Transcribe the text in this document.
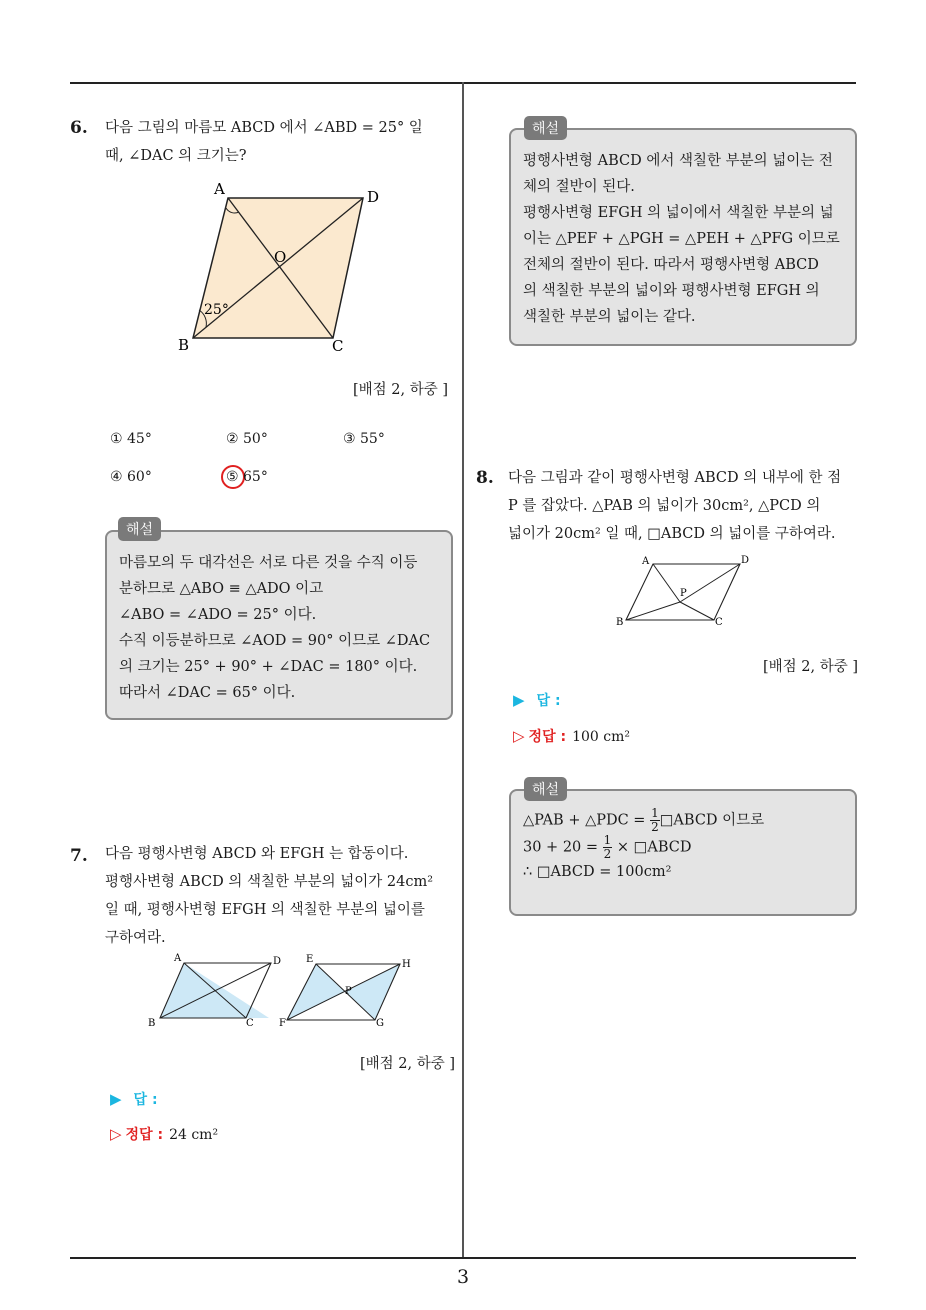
6. 다음 그림의 마름모 ABCD 에서 ∠ABD = 25° 일
때, ∠DAC 의 크기는?
A	D
O
B	C
25°
[배점 2, 하중 ]
① 45°	② 50°	③ 55°
④ 60°	⑤ 65°
마름모의 두 대각선은 서로 다른 것을 수직 이등
분하므로 △ABO ≡ △ADO 이고
∠ABO = ∠ADO = 25° 이다.
수직 이등분하므로 ∠AOD = 90° 이므로 ∠DAC
의 크기는 25° + 90° + ∠DAC = 180° 이다.
따라서 ∠DAC = 65° 이다.
해설
7. 다음 평행사변형 ABCD 와 EFGH 는 합동이다.
평행사변형 ABCD 의 색칠한 부분의 넓이가 24cm²
일 때, 평행사변형 EFGH 의 색칠한 부분의 넓이를
구하여라.
A	D
B	C
E	H
P
F	G
[배점 2, 하중 ]
▶ 답 :
▷ 정답 : 24 cm²
평행사변형 ABCD 에서 색칠한 부분의 넓이는 전
체의 절반이 된다.
평행사변형 EFGH 의 넓이에서 색칠한 부분의 넓
이는 △PEF + △PGH = △PEH + △PFG 이므로
전체의 절반이 된다. 따라서 평행사변형 ABCD
의 색칠한 부분의 넓이와 평행사변형 EFGH 의
색칠한 부분의 넓이는 같다.
해설
8. 다음 그림과 같이 평행사변형 ABCD 의 내부에 한 점
P 를 잡았다. △PAB 의 넓이가 30cm², △PCD 의
넓이가 20cm² 일 때, □ABCD 의 넓이를 구하여라.
A	D
P
B	C
[배점 2, 하중 ]
▶ 답 :
▷ 정답 : 100 cm²
△PAB + △PDC = $\frac{1}{2}$ □ABCD 이므로
$30 + 20 = \frac{1}{2}$ × □ABCD
∴ □ABCD = 100cm²
해설
3
